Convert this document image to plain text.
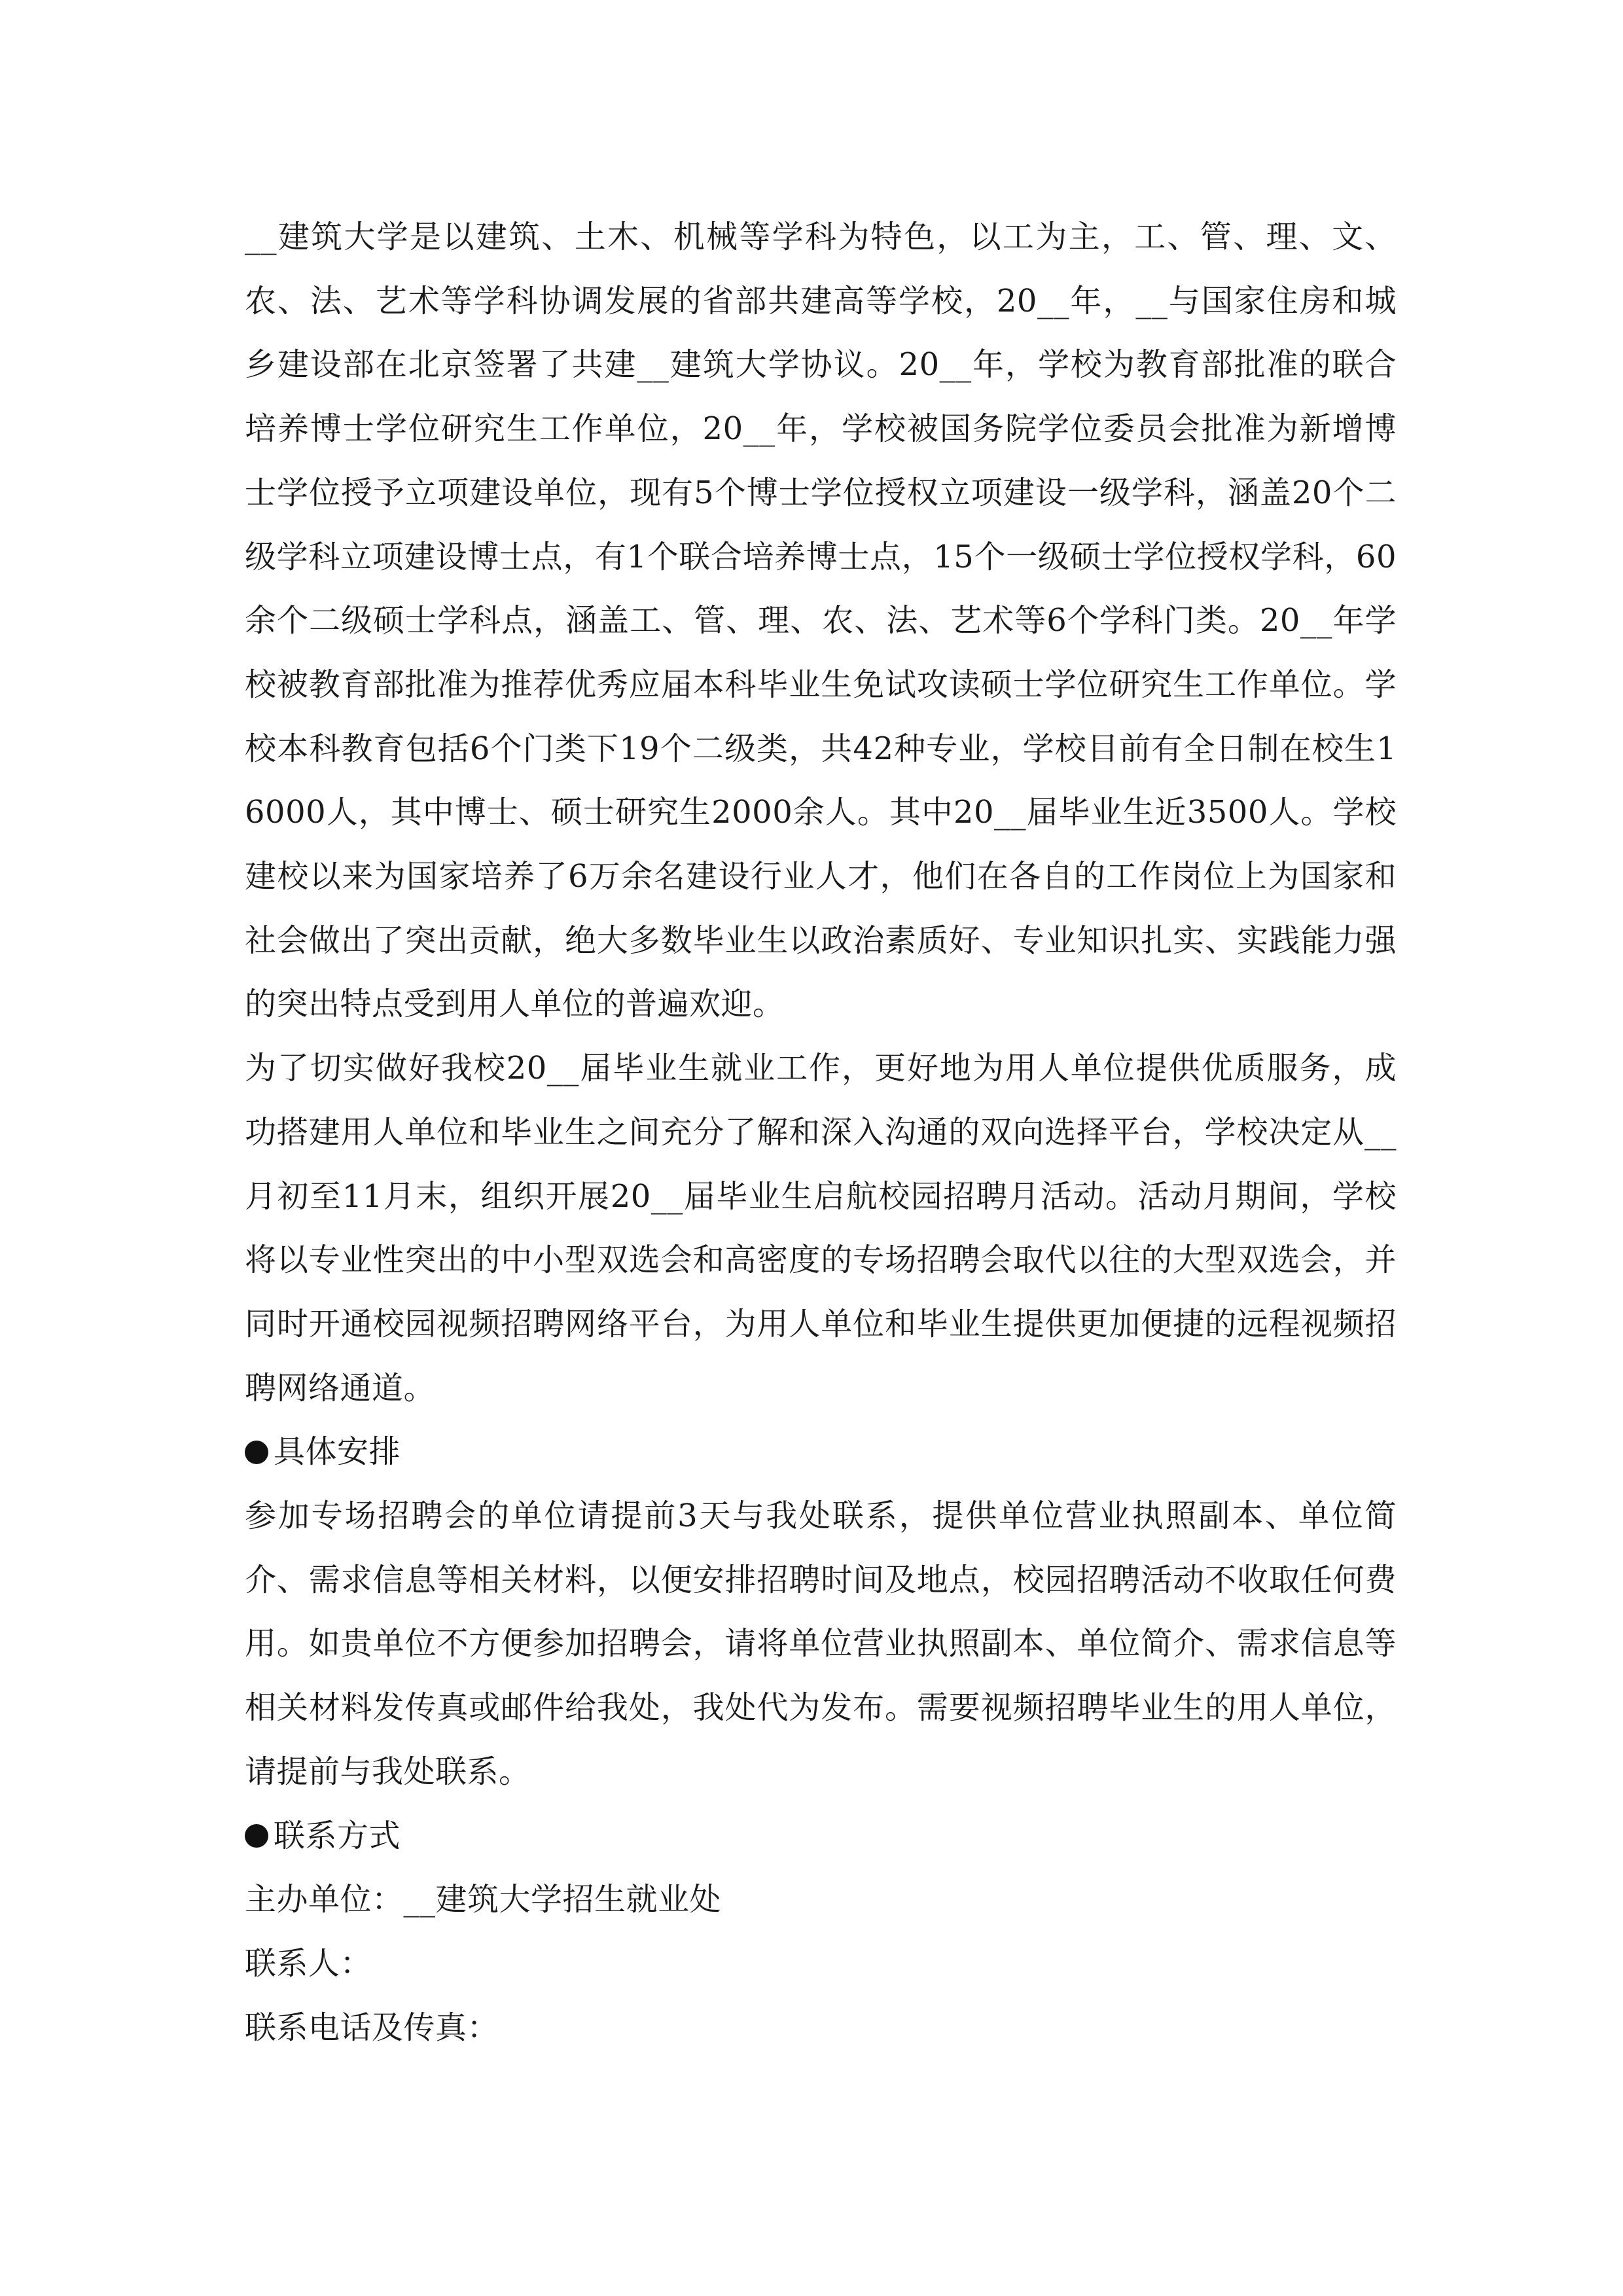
__建筑大学是以建筑、土木、机械等学科为特色，以工为主，工、管、理、文、农、法、艺术等学科协调发展的省部共建高等学校，20__年，__与国家住房和城乡建设部在北京签署了共建__建筑大学协议。20__年，学校为教育部批准的联合培养博士学位研究生工作单位，20__年，学校被国务院学位委员会批准为新增博士学位授予立项建设单位，现有5个博士学位授权立项建设一级学科，涵盖20个二级学科立项建设博士点，有1个联合培养博士点，15个一级硕士学位授权学科，60余个二级硕士学科点，涵盖工、管、理、农、法、艺术等6个学科门类。20__年学校被教育部批准为推荐优秀应届本科毕业生免试攻读硕士学位研究生工作单位。学校本科教育包括6个门类下19个二级类，共42种专业，学校目前有全日制在校生16000人，其中博士、硕士研究生2000余人。其中20__届毕业生近3500人。学校建校以来为国家培养了6万余名建设行业人才，他们在各自的工作岗位上为国家和社会做出了突出贡献，绝大多数毕业生以政治素质好、专业知识扎实、实践能力强的突出特点受到用人单位的普遍欢迎。

为了切实做好我校20__届毕业生就业工作，更好地为用人单位提供优质服务，成功搭建用人单位和毕业生之间充分了解和深入沟通的双向选择平台，学校决定从__月初至11月末，组织开展20__届毕业生启航校园招聘月活动。活动月期间，学校将以专业性突出的中小型双选会和高密度的专场招聘会取代以往的大型双选会，并同时开通校园视频招聘网络平台，为用人单位和毕业生提供更加便捷的远程视频招聘网络通道。

具体安排

参加专场招聘会的单位请提前3天与我处联系，提供单位营业执照副本、单位简介、需求信息等相关材料，以便安排招聘时间及地点，校园招聘活动不收取任何费用。如贵单位不方便参加招聘会，请将单位营业执照副本、单位简介、需求信息等相关材料发传真或邮件给我处，我处代为发布。需要视频招聘毕业生的用人单位，请提前与我处联系。

联系方式

主办单位：__建筑大学招生就业处

联系人：

联系电话及传真：
